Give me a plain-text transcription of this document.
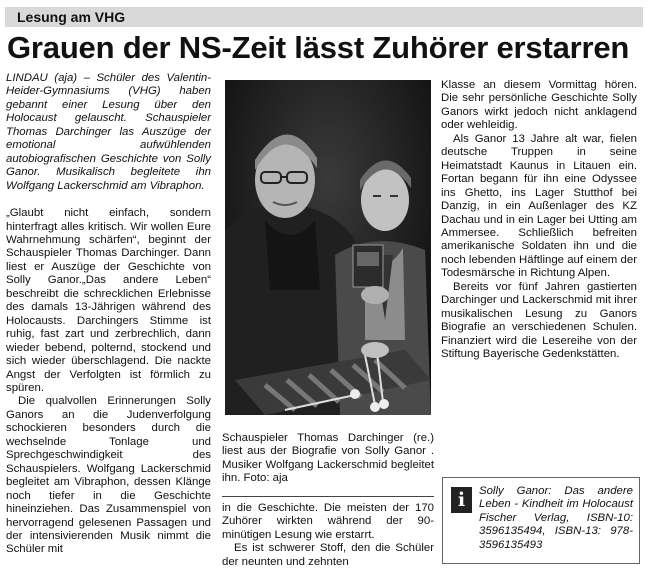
Lesung am VHG
Grauen der NS-Zeit lässt Zuhörer erstarren

LINDAU (aja) – Schüler des Valentin-Heider-Gymnasiums (VHG) haben gebannt einer Lesung über den Holocaust gelauscht. Schauspieler Thomas Darchinger las Auszüge der emotional aufwühlenden autobiografischen Geschichte von Solly Ganor. Musikalisch begleitete ihn Wolfgang Lackerschmid am Vibraphon.

„Glaubt nicht einfach, sondern hinterfragt alles kritisch. Wir wollen Eure Wahrnehmung schärfen“, beginnt der Schauspieler Thomas Darchinger. Dann liest er Auszüge der Geschichte von Solly Ganor.„Das andere Leben“ beschreibt die schrecklichen Erlebnisse des damals 13-Jährigen während des Holocausts. Darchingers Stimme ist ruhig, fast zart und zerbrechlich, dann wieder bebend, polternd, stockend und sich wieder überschlagend. Die nackte Angst der Verfolgten ist förmlich zu spüren.

Die qualvollen Erinnerungen Solly Ganors an die Judenverfolgung schockieren besonders durch die wechselnde Tonlage und Sprechgeschwindigkeit des Schauspielers. Wolfgang Lackerschmid begleitet am Vibraphon, dessen Klänge noch tiefer in die Geschichte hineinziehen. Das Zusammenspiel von hervorragend gelesenen Passagen und der intensivierenden Musik nimmt die Schüler mit

Schauspieler Thomas Darchinger (re.) liest aus der Biografie von Solly Ganor . Musiker Wolfgang Lackerschmid begleitet ihn. Foto: aja

in die Geschichte. Die meisten der 170 Zuhörer wirkten während der 90-minütigen Lesung wie erstarrt.

Es ist schwerer Stoff, den die Schüler der neunten und zehnten

Klasse an diesem Vormittag hören. Die sehr persönliche Geschichte Solly Ganors wirkt jedoch nicht anklagend oder wehleidig.

Als Ganor 13 Jahre alt war, fielen deutsche Truppen in seine Heimatstadt Kaunus in Litauen ein. Fortan begann für ihn eine Odyssee ins Ghetto, ins Lager Stutthof bei Danzig, in ein Außenlager des KZ Dachau und in ein Lager bei Utting am Ammersee. Schließlich befreiten amerikanische Soldaten ihn und die noch lebenden Häftlinge auf einem der Todesmärsche in Richtung Alpen.

Bereits vor fünf Jahren gastierten Darchinger und Lackerschmid mit ihrer musikalischen Lesung zu Ganors Biografie an verschiedenen Schulen. Finanziert wird die Lesereihe von der Stiftung Bayerische Gedenkstätten.

i	Solly Ganor: Das andere Leben - Kindheit im Holocaust Fischer Verlag, ISBN-10: 3596135494, ISBN-13: 978-3596135493
